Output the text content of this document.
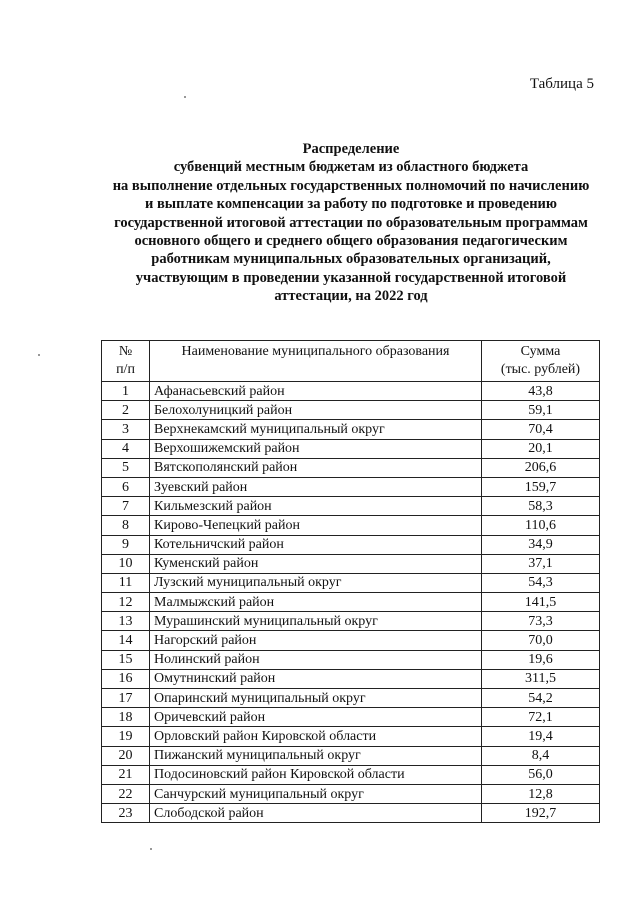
Таблица 5
Распределение
субвенций местным бюджетам из областного бюджета
на выполнение отдельных государственных полномочий по начислению
и выплате компенсации за работу по подготовке и проведению
государственной итоговой аттестации по образовательным программам
основного общего и среднего общего образования педагогическим
работникам муниципальных образовательных организаций,
участвующим в проведении указанной государственной итоговой
аттестации, на 2022 год
№
п/п	Наименование муниципального образования	Сумма
(тыс. рублей)
1	Афанасьевский район	43,8
2	Белохолуницкий район	59,1
3	Верхнекамский муниципальный округ	70,4
4	Верхошижемский район	20,1
5	Вятскополянский район	206,6
6	Зуевский район	159,7
7	Кильмезский район	58,3
8	Кирово-Чепецкий район	110,6
9	Котельничский район	34,9
10	Куменский район	37,1
11	Лузский муниципальный округ	54,3
12	Малмыжский район	141,5
13	Мурашинский муниципальный округ	73,3
14	Нагорский район	70,0
15	Нолинский район	19,6
16	Омутнинский район	311,5
17	Опаринский муниципальный округ	54,2
18	Оричевский район	72,1
19	Орловский район Кировской области	19,4
20	Пижанский муниципальный округ	8,4
21	Подосиновский район Кировской области	56,0
22	Санчурский муниципальный округ	12,8
23	Слободской район	192,7
